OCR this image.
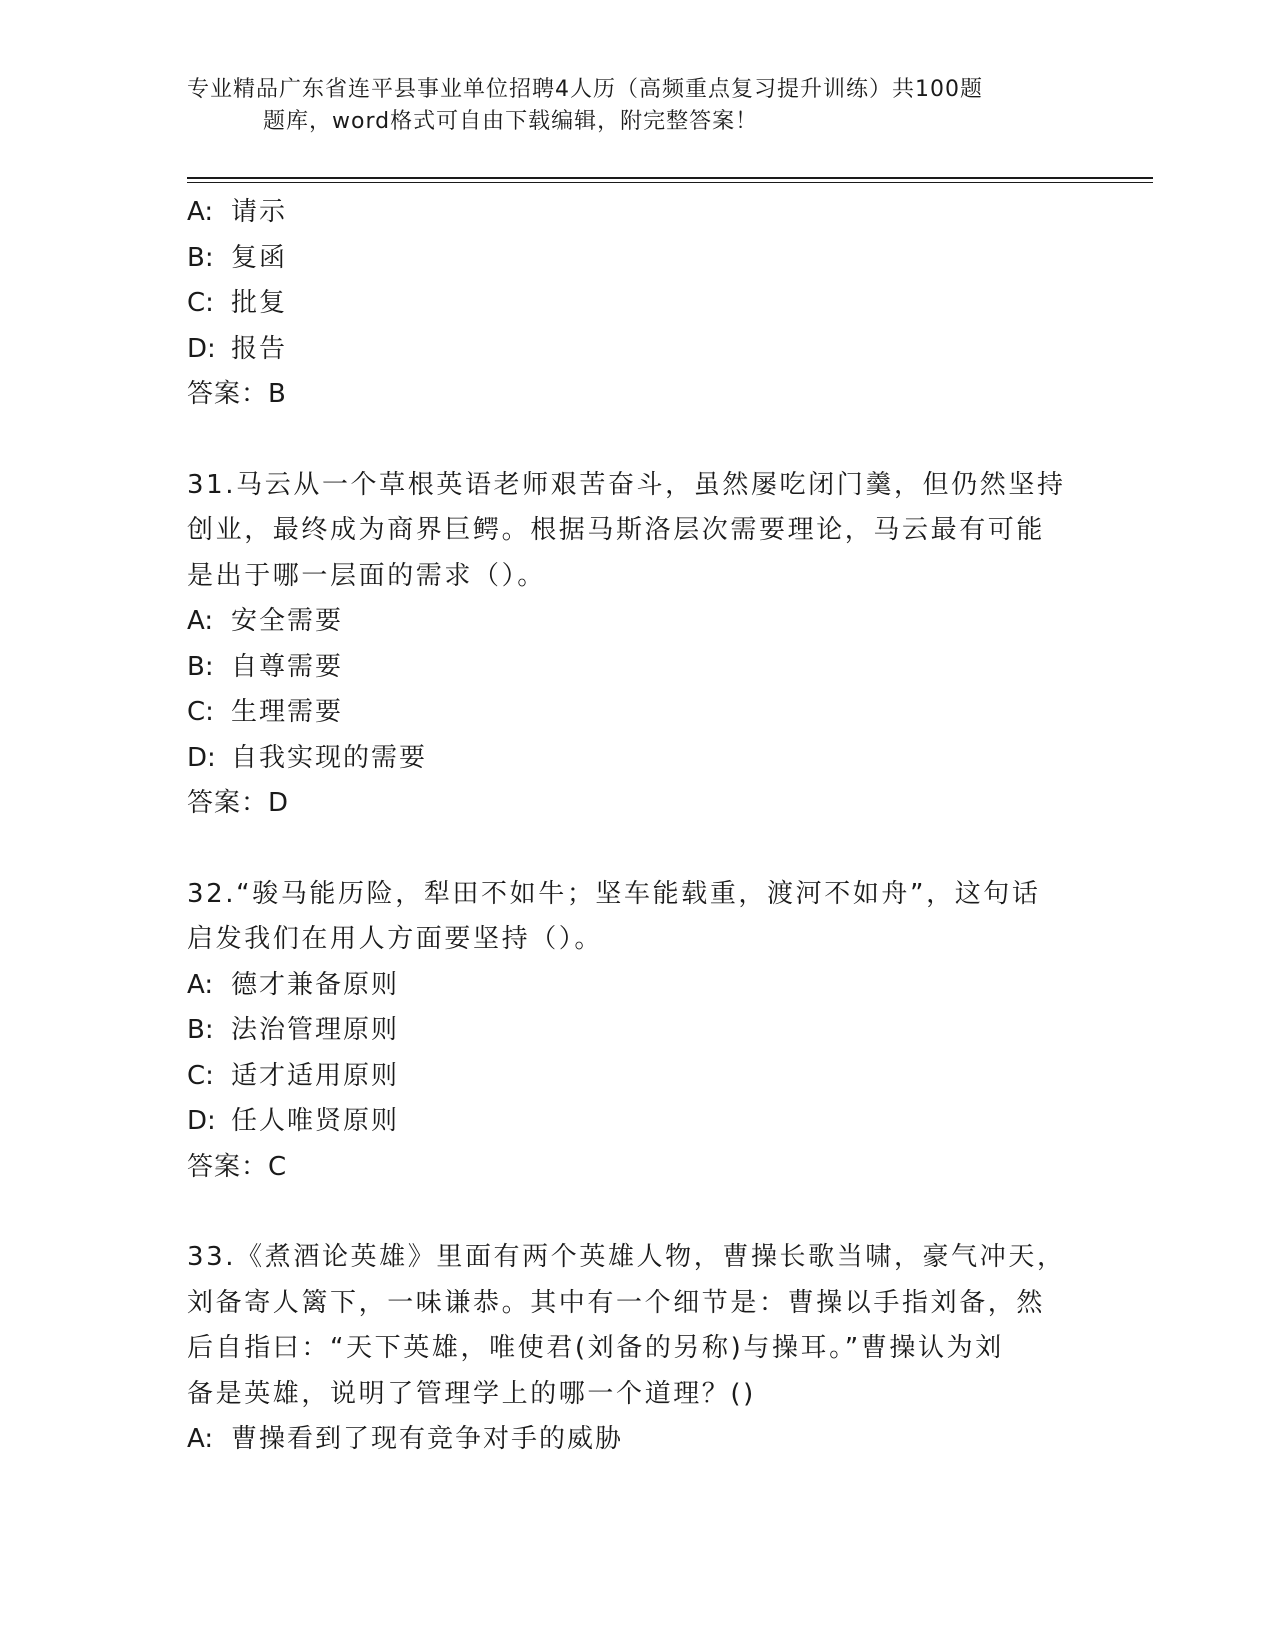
专业精品广东省连平县事业单位招聘4人历（高频重点复习提升训练）共100题
题库，word格式可自由下载编辑，附完整答案！
A: 请示
B: 复函
C: 批复
D: 报告
答案：B
31.马云从一个草根英语老师艰苦奋斗，虽然屡吃闭门羹，但仍然坚持
创业，最终成为商界巨鳄。根据马斯洛层次需要理论，马云最有可能
是出于哪一层面的需求（）。
A: 安全需要
B: 自尊需要
C: 生理需要
D: 自我实现的需要
答案：D
32.“骏马能历险，犁田不如牛；坚车能载重，渡河不如舟”，这句话
启发我们在用人方面要坚持（）。
A: 德才兼备原则
B: 法治管理原则
C: 适才适用原则
D: 任人唯贤原则
答案：C
33.《煮酒论英雄》里面有两个英雄人物，曹操长歌当啸，豪气冲天，
刘备寄人篱下，一味谦恭。其中有一个细节是：曹操以手指刘备，然
后自指曰：“天下英雄，唯使君(刘备的另称)与操耳。”曹操认为刘
备是英雄，说明了管理学上的哪一个道理？()
A: 曹操看到了现有竞争对手的威胁
